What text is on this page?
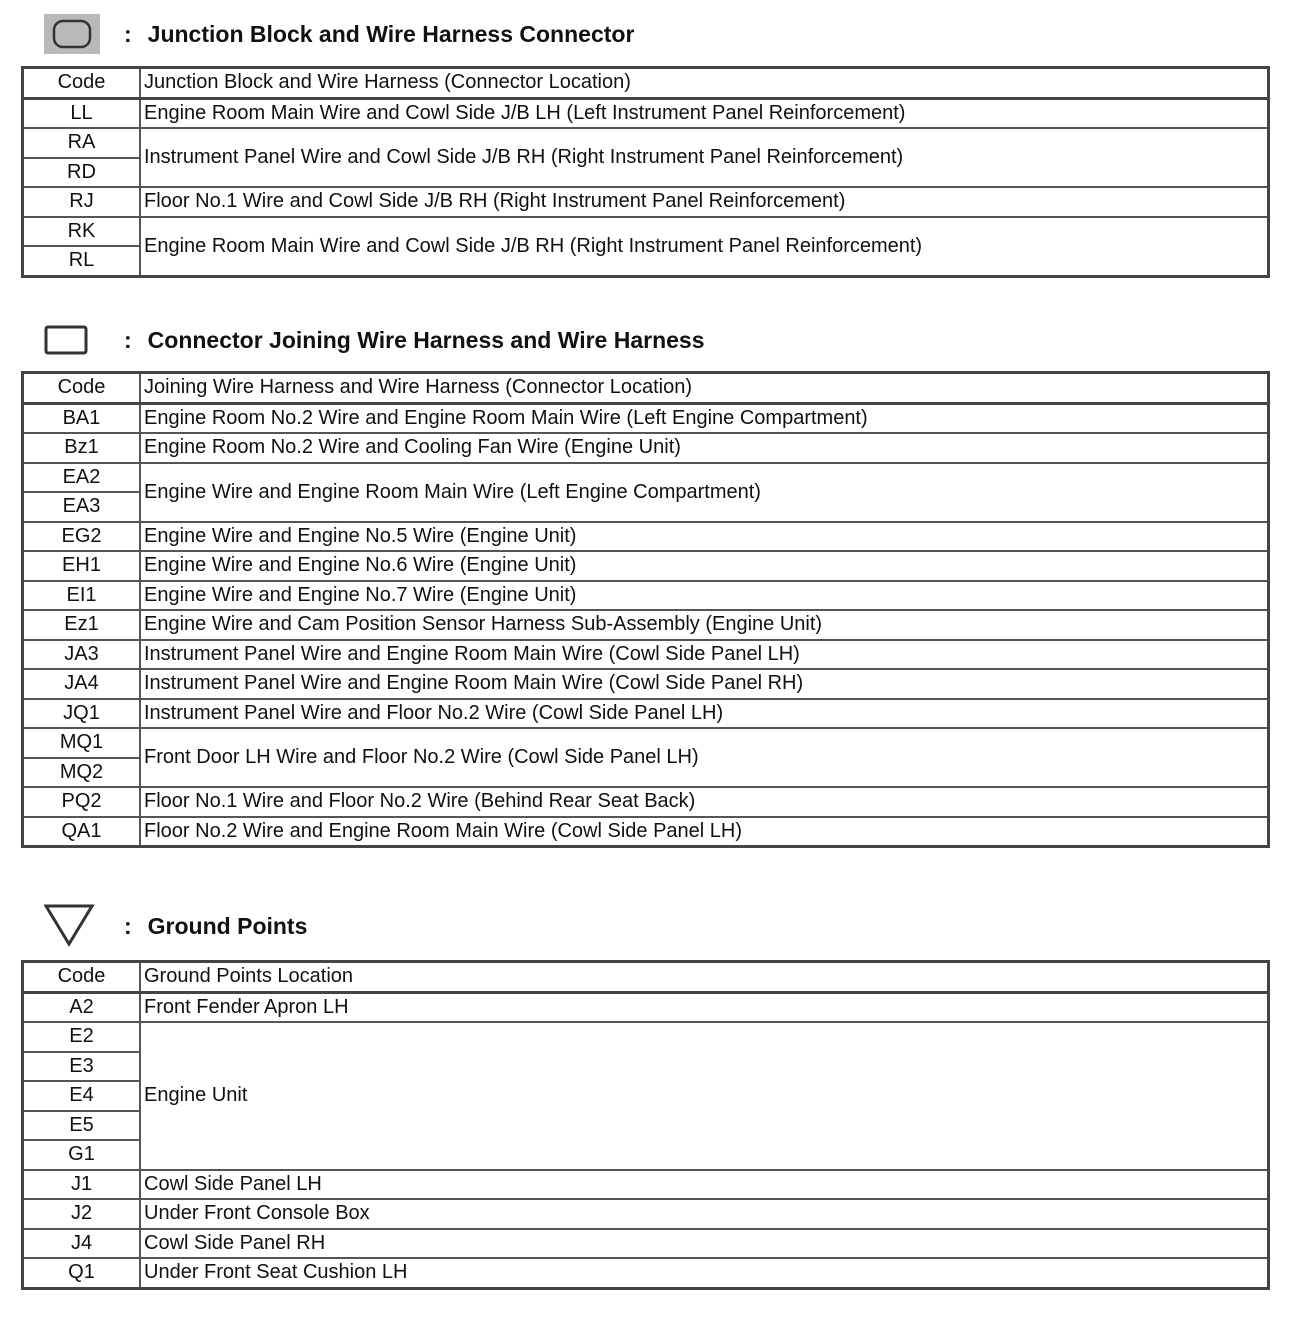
: Junction Block and Wire Harness Connector
Code	Junction Block and Wire Harness (Connector Location)
LL	Engine Room Main Wire and Cowl Side J/B LH (Left Instrument Panel Reinforcement)
RA	Instrument Panel Wire and Cowl Side J/B RH (Right Instrument Panel Reinforcement)
RD	
RJ	Floor No.1 Wire and Cowl Side J/B RH (Right Instrument Panel Reinforcement)
RK	Engine Room Main Wire and Cowl Side J/B RH (Right Instrument Panel Reinforcement)
RL	
: Connector Joining Wire Harness and Wire Harness
Code	Joining Wire Harness and Wire Harness (Connector Location)
BA1	Engine Room No.2 Wire and Engine Room Main Wire (Left Engine Compartment)
Bz1	Engine Room No.2 Wire and Cooling Fan Wire (Engine Unit)
EA2	Engine Wire and Engine Room Main Wire (Left Engine Compartment)
EA3	
EG2	Engine Wire and Engine No.5 Wire (Engine Unit)
EH1	Engine Wire and Engine No.6 Wire (Engine Unit)
EI1	Engine Wire and Engine No.7 Wire (Engine Unit)
Ez1	Engine Wire and Cam Position Sensor Harness Sub-Assembly (Engine Unit)
JA3	Instrument Panel Wire and Engine Room Main Wire (Cowl Side Panel LH)
JA4	Instrument Panel Wire and Engine Room Main Wire (Cowl Side Panel RH)
JQ1	Instrument Panel Wire and Floor No.2 Wire (Cowl Side Panel LH)
MQ1	Front Door LH Wire and Floor No.2 Wire (Cowl Side Panel LH)
MQ2	
PQ2	Floor No.1 Wire and Floor No.2 Wire (Behind Rear Seat Back)
QA1	Floor No.2 Wire and Engine Room Main Wire (Cowl Side Panel LH)
: Ground Points
Code	Ground Points Location
A2	Front Fender Apron LH
E2	Engine Unit
E3	
E4	
E5	
G1	
J1	Cowl Side Panel LH
J2	Under Front Console Box
J4	Cowl Side Panel RH
Q1	Under Front Seat Cushion LH
